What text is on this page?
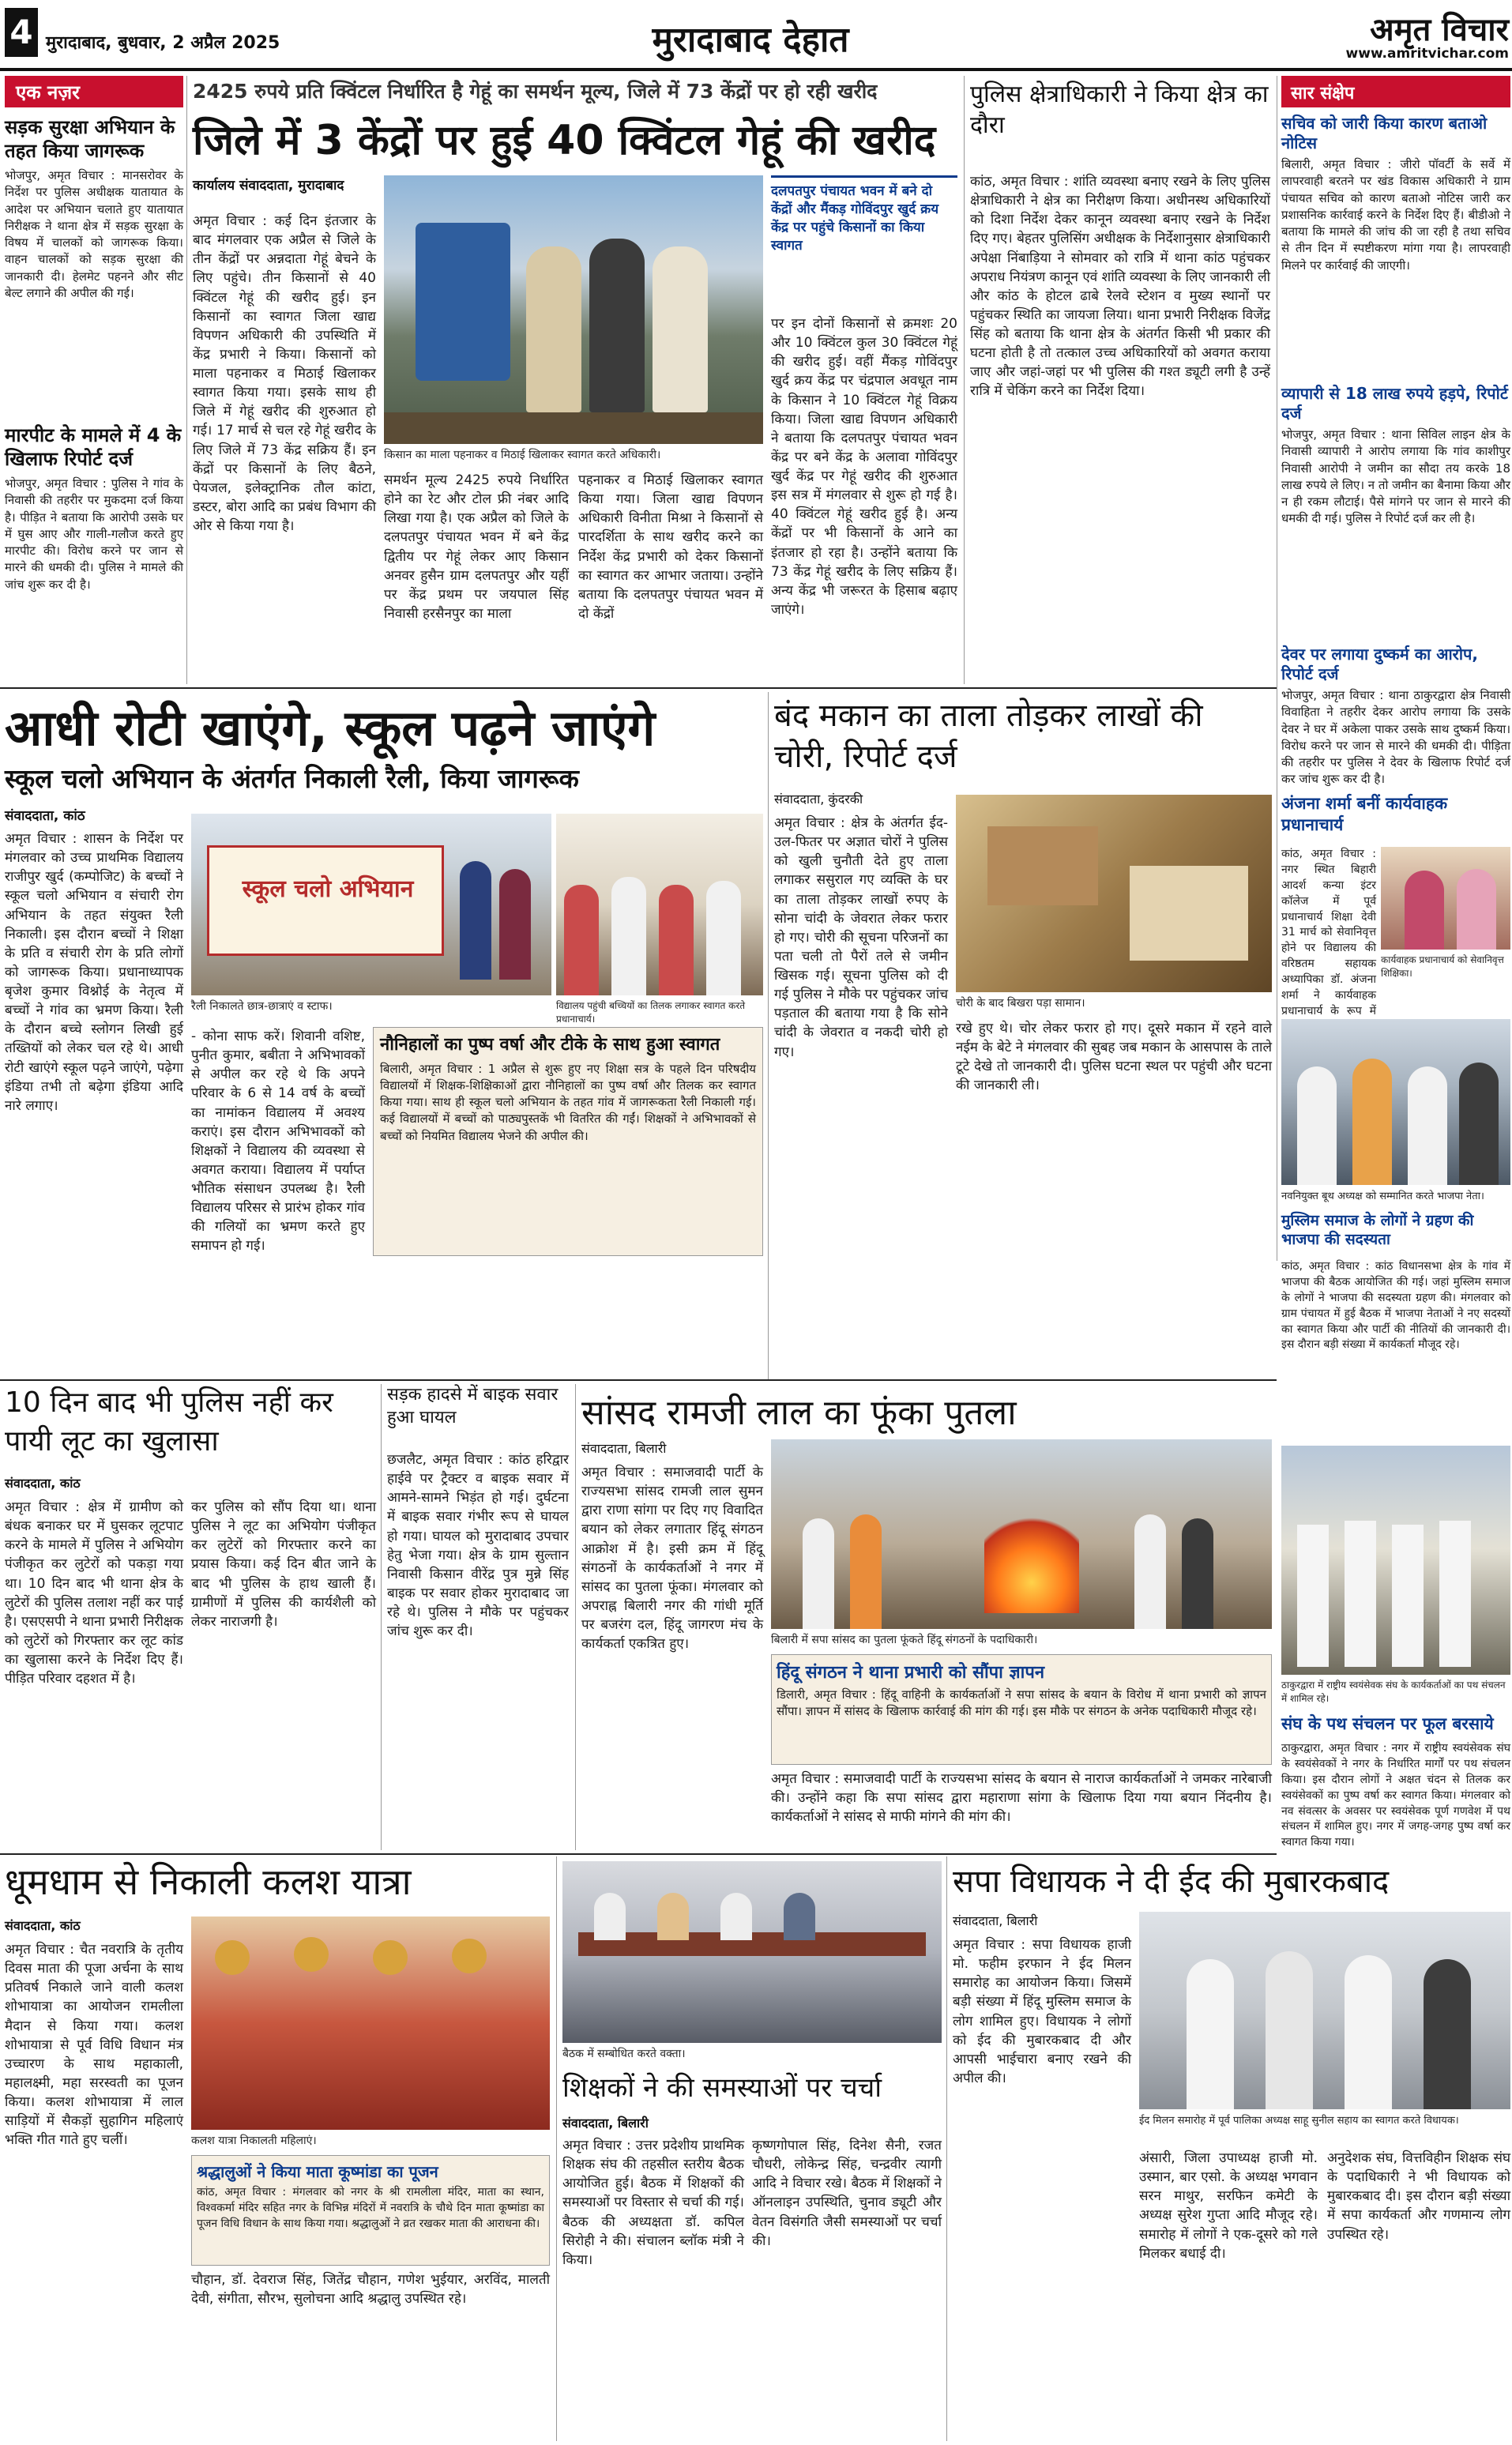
4 मुरादाबाद, बुधवार, 2 अप्रैल 2025	मुरादाबाद देहात	अमृत विचार
www.amritvichar.com
एक नज़र
सड़क सुरक्षा अभियान के तहत किया जागरूक
भोजपुर, अमृत विचार : मानसरोवर के निर्देश पर पुलिस अधीक्षक यातायात के आदेश पर अभियान चलाते हुए यातायात निरीक्षक ने थाना क्षेत्र में सड़क सुरक्षा के विषय में चालकों को जागरूक किया। वाहन चालकों को सड़क सुरक्षा की जानकारी दी। हेलमेट पहनने और सीट बेल्ट लगाने की अपील की गई।
मारपीट के मामले में 4 के खिलाफ रिपोर्ट दर्ज
भोजपुर, अमृत विचार : पुलिस ने गांव के निवासी की तहरीर पर मुकदमा दर्ज किया है। पीड़ित ने बताया कि आरोपी उसके घर में घुस आए और गाली-गलौज करते हुए मारपीट की। विरोध करने पर जान से मारने की धमकी दी। पुलिस ने मामले की जांच शुरू कर दी है।
2425 रुपये प्रति क्विंटल निर्धारित है गेहूं का समर्थन मूल्य, जिले में 73 केंद्रों पर हो रही खरीद
जिले में 3 केंद्रों पर हुई 40 क्विंटल गेहूं की खरीद
कार्यालय संवाददाता, मुरादाबाद
अमृत विचार : कई दिन इंतजार के बाद मंगलवार एक अप्रैल से जिले के तीन केंद्रों पर अन्नदाता गेहूं बेचने के लिए पहुंचे। तीन किसानों से 40 क्विंटल गेहूं की खरीद हुई। इन किसानों का स्वागत जिला खाद्य विपणन अधिकारी की उपस्थिति में केंद्र प्रभारी ने किया। किसानों को माला पहनाकर व मिठाई खिलाकर स्वागत किया गया। इसके साथ ही जिले में गेहूं खरीद की शुरुआत हो गई। 17 मार्च से चल रहे गेहूं खरीद के लिए जिले में 73 केंद्र सक्रिय हैं। इन केंद्रों पर किसानों के लिए बैठने, पेयजल, इलेक्ट्रानिक तौल कांटा, डस्टर, बोरा आदि का प्रबंध विभाग की ओर से किया गया है।
किसान का माला पहनाकर व मिठाई खिलाकर स्वागत करते अधिकारी।
समर्थन मूल्य 2425 रुपये निर्धारित होने का रेट और टोल फ्री नंबर आदि लिखा गया है। एक अप्रैल को जिले के दलपतपुर पंचायत भवन में बने केंद्र द्वितीय पर गेहूं लेकर आए किसान अनवर हुसैन ग्राम दलपतपुर और यहीं पर केंद्र प्रथम पर जयपाल सिंह निवासी हरसैनपुर का माला
पहनाकर व मिठाई खिलाकर स्वागत किया गया। जिला खाद्य विपणन अधिकारी विनीता मिश्रा ने किसानों से पारदर्शिता के साथ खरीद करने का निर्देश केंद्र प्रभारी को देकर किसानों का स्वागत कर आभार जताया। उन्होंने बताया कि दलपतपुर पंचायत भवन में दो केंद्रों
दलपतपुर पंचायत भवन में बने दो केंद्रों और मैंकड़ गोविंदपुर खुर्द क्रय केंद्र पर पहुंचे किसानों का किया स्वागत
पर इन दोनों किसानों से क्रमशः 20 और 10 क्विंटल कुल 30 क्विंटल गेहूं की खरीद हुई। वहीं मैंकड़ गोविंदपुर खुर्द क्रय केंद्र पर चंद्रपाल अवधूत नाम के किसान ने 10 क्विंटल गेहूं विक्रय किया। जिला खाद्य विपणन अधिकारी ने बताया कि दलपतपुर पंचायत भवन केंद्र पर बने केंद्र के अलावा गोविंदपुर खुर्द केंद्र पर गेहूं खरीद की शुरुआत इस सत्र में मंगलवार से शुरू हो गई है। 40 क्विंटल गेहूं खरीद हुई है। अन्य केंद्रों पर भी किसानों के आने का इंतजार हो रहा है। उन्होंने बताया कि 73 केंद्र गेहूं खरीद के लिए सक्रिय हैं। अन्य केंद्र भी जरूरत के हिसाब बढ़ाए जाएंगे।
पुलिस क्षेत्राधिकारी ने किया क्षेत्र का दौरा
कांठ, अमृत विचार : शांति व्यवस्था बनाए रखने के लिए पुलिस क्षेत्राधिकारी ने क्षेत्र का निरीक्षण किया। अधीनस्थ अधिकारियों को दिशा निर्देश देकर कानून व्यवस्था बनाए रखने के निर्देश दिए गए। बेहतर पुलिसिंग अधीक्षक के निर्देशानुसार क्षेत्राधिकारी अपेक्षा निंबाड़िया ने सोमवार को रात्रि में थाना कांठ पहुंचकर अपराध नियंत्रण कानून एवं शांति व्यवस्था के लिए जानकारी ली और कांठ के होटल ढाबे रेलवे स्टेशन व मुख्य स्थानों पर पहुंचकर स्थिति का जायजा लिया। थाना प्रभारी निरीक्षक विजेंद्र सिंह को बताया कि थाना क्षेत्र के अंतर्गत किसी भी प्रकार की घटना होती है तो तत्काल उच्च अधिकारियों को अवगत कराया जाए और जहां-जहां पर भी पुलिस की गश्त ड्यूटी लगी है उन्हें रात्रि में चेकिंग करने का निर्देश दिया।
सार संक्षेप
सचिव को जारी किया कारण बताओ नोटिस
बिलारी, अमृत विचार : जीरो पॉवर्टी के सर्वे में लापरवाही बरतने पर खंड विकास अधिकारी ने ग्राम पंचायत सचिव को कारण बताओ नोटिस जारी कर प्रशासनिक कार्रवाई करने के निर्देश दिए हैं। बीडीओ ने बताया कि मामले की जांच की जा रही है तथा सचिव से तीन दिन में स्पष्टीकरण मांगा गया है। लापरवाही मिलने पर कार्रवाई की जाएगी।
व्यापारी से 18 लाख रुपये हड़पे, रिपोर्ट दर्ज
भोजपुर, अमृत विचार : थाना सिविल लाइन क्षेत्र के निवासी व्यापारी ने आरोप लगाया कि गांव काशीपुर निवासी आरोपी ने जमीन का सौदा तय करके 18 लाख रुपये ले लिए। न तो जमीन का बैनामा किया और न ही रकम लौटाई। पैसे मांगने पर जान से मारने की धमकी दी गई। पुलिस ने रिपोर्ट दर्ज कर ली है।
देवर पर लगाया दुष्कर्म का आरोप, रिपोर्ट दर्ज
भोजपुर, अमृत विचार : थाना ठाकुरद्वारा क्षेत्र निवासी विवाहिता ने तहरीर देकर आरोप लगाया कि उसके देवर ने घर में अकेला पाकर उसके साथ दुष्कर्म किया। विरोध करने पर जान से मारने की धमकी दी। पीड़िता की तहरीर पर पुलिस ने देवर के खिलाफ रिपोर्ट दर्ज कर जांच शुरू कर दी है।
अंजना शर्मा बनीं कार्यवाहक प्रधानाचार्य
कांठ, अमृत विचार : नगर स्थित बिहारी आदर्श कन्या इंटर कॉलेज में पूर्व प्रधानाचार्य शिक्षा देवी 31 मार्च को सेवानिवृत्त होने पर विद्यालय की वरिष्ठतम सहायक अध्यापिका डॉ. अंजना शर्मा ने कार्यवाहक प्रधानाचार्य के रूप में
कार्यवाहक प्रधानाचार्य को सेवानिवृत्त शिक्षिका।
आधी रोटी खाएंगे, स्कूल पढ़ने जाएंगे
स्कूल चलो अभियान के अंतर्गत निकाली रैली, किया जागरूक
संवाददाता, कांठ
अमृत विचार : शासन के निर्देश पर मंगलवार को उच्च प्राथमिक विद्यालय राजीपुर खुर्द (कम्पोजिट) के बच्चों ने स्कूल चलो अभियान व संचारी रोग अभियान के तहत संयुक्त रैली निकाली। इस दौरान बच्चों ने शिक्षा के प्रति व संचारी रोग के प्रति लोगों को जागरूक किया। प्रधानाध्यापक बृजेश कुमार विश्नोई के नेतृत्व में बच्चों ने गांव का भ्रमण किया। रैली के दौरान बच्चे स्लोगन लिखी हुई तख्तियों को लेकर चल रहे थे। आधी रोटी खाएंगे स्कूल पढ़ने जाएंगे, पढ़ेगा इंडिया तभी तो बढ़ेगा इंडिया आदि नारे लगाए।
स्कूल चलो अभियान
रैली निकालते छात्र-छात्राएं व स्टाफ।	विद्यालय पहुंची बच्चियों का तिलक लगाकर स्वागत करते प्रधानाचार्य।
- कोना साफ करें। शिवानी वशिष्ट, पुनीत कुमार, बबीता ने अभिभावकों से अपील कर रहे थे कि अपने परिवार के 6 से 14 वर्ष के बच्चों का नामांकन विद्यालय में अवश्य कराएं। इस दौरान अभिभावकों को शिक्षकों ने विद्यालय की व्यवस्था से अवगत कराया। विद्यालय में पर्याप्त भौतिक संसाधन उपलब्ध है। रैली विद्यालय परिसर से प्रारंभ होकर गांव की गलियों का भ्रमण करते हुए समापन हो गई।
नौनिहालों का पुष्प वर्षा और टीके के साथ हुआ स्वागत
बिलारी, अमृत विचार : 1 अप्रैल से शुरू हुए नए शिक्षा सत्र के पहले दिन परिषदीय विद्यालयों में शिक्षक-शिक्षिकाओं द्वारा नौनिहालों का पुष्प वर्षा और तिलक कर स्वागत किया गया। साथ ही स्कूल चलो अभियान के तहत गांव में जागरूकता रैली निकाली गई। कई विद्यालयों में बच्चों को पाठ्यपुस्तकें भी वितरित की गईं। शिक्षकों ने अभिभावकों से बच्चों को नियमित विद्यालय भेजने की अपील की।
बंद मकान का ताला तोड़कर लाखों की चोरी, रिपोर्ट दर्ज
संवाददाता, कुंदरकी
अमृत विचार : क्षेत्र के अंतर्गत ईद-उल-फितर पर अज्ञात चोरों ने पुलिस को खुली चुनौती देते हुए ताला लगाकर ससुराल गए व्यक्ति के घर का ताला तोड़कर लाखों रुपए के सोना चांदी के जेवरात लेकर फरार हो गए। चोरी की सूचना परिजनों का पता चली तो पैरों तले से जमीन खिसक गई। सूचना पुलिस को दी गई पुलिस ने मौके पर पहुंचकर जांच पड़ताल की बताया गया है कि सोने चांदी के जेवरात व नकदी चोरी हो गए।
चोरी के बाद बिखरा पड़ा सामान।
रखे हुए थे। चोर लेकर फरार हो गए। दूसरे मकान में रहने वाले नईम के बेटे ने मंगलवार की सुबह जब मकान के आसपास के ताले टूटे देखे तो जानकारी दी। पुलिस घटना स्थल पर पहुंची और घटना की जानकारी ली।
नवनियुक्त बूथ अध्यक्ष को सम्मानित करते भाजपा नेता।
मुस्लिम समाज के लोगों ने ग्रहण की भाजपा की सदस्यता
कांठ, अमृत विचार : कांठ विधानसभा क्षेत्र के गांव में भाजपा की बैठक आयोजित की गई। जहां मुस्लिम समाज के लोगों ने भाजपा की सदस्यता ग्रहण की। मंगलवार को ग्राम पंचायत में हुई बैठक में भाजपा नेताओं ने नए सदस्यों का स्वागत किया और पार्टी की नीतियों की जानकारी दी। इस दौरान बड़ी संख्या में कार्यकर्ता मौजूद रहे।
ठाकुरद्वारा में राष्ट्रीय स्वयंसेवक संघ के कार्यकर्ताओं का पथ संचलन में शामिल रहे।
संघ के पथ संचलन पर फूल बरसाये
ठाकुरद्वारा, अमृत विचार : नगर में राष्ट्रीय स्वयंसेवक संघ के स्वयंसेवकों ने नगर के निर्धारित मार्गों पर पथ संचलन किया। इस दौरान लोगों ने अक्षत चंदन से तिलक कर स्वयंसेवकों का पुष्प वर्षा कर स्वागत किया। मंगलवार को नव संवत्सर के अवसर पर स्वयंसेवक पूर्ण गणवेश में पथ संचलन में शामिल हुए। नगर में जगह-जगह पुष्प वर्षा कर स्वागत किया गया।
10 दिन बाद भी पुलिस नहीं कर पायी लूट का खुलासा
संवाददाता, कांठ
अमृत विचार : क्षेत्र में ग्रामीण को बंधक बनाकर घर में घुसकर लूटपाट करने के मामले में पुलिस ने अभियोग पंजीकृत कर लुटेरों को पकड़ा गया था। 10 दिन बाद भी थाना क्षेत्र के लुटेरों की पुलिस तलाश नहीं कर पाई है। एसएसपी ने थाना प्रभारी निरीक्षक को लुटेरों को गिरफ्तार कर लूट कांड का खुलासा करने के निर्देश दिए हैं। पीड़ित परिवार दहशत में है।
कर पुलिस को सौंप दिया था। थाना पुलिस ने लूट का अभियोग पंजीकृत कर लुटेरों को गिरफ्तार करने का प्रयास किया। कई दिन बीत जाने के बाद भी पुलिस के हाथ खाली हैं। ग्रामीणों में पुलिस की कार्यशैली को लेकर नाराजगी है।
सड़क हादसे में बाइक सवार हुआ घायल
छजलैट, अमृत विचार : कांठ हरिद्वार हाईवे पर ट्रैक्टर व बाइक सवार में आमने-सामने भिड़ंत हो गई। दुर्घटना में बाइक सवार गंभीर रूप से घायल हो गया। घायल को मुरादाबाद उपचार हेतु भेजा गया। क्षेत्र के ग्राम सुल्तान निवासी किसान वीरेंद्र पुत्र मुन्ने सिंह बाइक पर सवार होकर मुरादाबाद जा रहे थे। पुलिस ने मौके पर पहुंचकर जांच शुरू कर दी।
सांसद रामजी लाल का फूंका पुतला
संवाददाता, बिलारी
अमृत विचार : समाजवादी पार्टी के राज्यसभा सांसद रामजी लाल सुमन द्वारा राणा सांगा पर दिए गए विवादित बयान को लेकर लगातार हिंदू संगठन आक्रोश में है। इसी क्रम में हिंदू संगठनों के कार्यकर्ताओं ने नगर में सांसद का पुतला फूंका। मंगलवार को अपराह्न बिलारी नगर की गांधी मूर्ति पर बजरंग दल, हिंदू जागरण मंच के कार्यकर्ता एकत्रित हुए।	बिलारी में सपा सांसद का पुतला फूंकते हिंदू संगठनों के पदाधिकारी।
हिंदू संगठन ने थाना प्रभारी को सौंपा ज्ञापन
डिलारी, अमृत विचार : हिंदू वाहिनी के कार्यकर्ताओं ने सपा सांसद के बयान के विरोध में थाना प्रभारी को ज्ञापन सौंपा। ज्ञापन में सांसद के खिलाफ कार्रवाई की मांग की गई। इस मौके पर संगठन के अनेक पदाधिकारी मौजूद रहे।
अमृत विचार : समाजवादी पार्टी के राज्यसभा सांसद के बयान से नाराज कार्यकर्ताओं ने जमकर नारेबाजी की। उन्होंने कहा कि सपा सांसद द्वारा महाराणा सांगा के खिलाफ दिया गया बयान निंदनीय है। कार्यकर्ताओं ने सांसद से माफी मांगने की मांग की।
धूमधाम से निकाली कलश यात्रा
संवाददाता, कांठ
अमृत विचार : चैत नवरात्रि के तृतीय दिवस माता की पूजा अर्चना के साथ प्रतिवर्ष निकाले जाने वाली कलश शोभायात्रा का आयोजन रामलीला मैदान से किया गया। कलश शोभायात्रा से पूर्व विधि विधान मंत्र उच्चारण के साथ महाकाली, महालक्ष्मी, महा सरस्वती का पूजन किया। कलश शोभायात्रा में लाल साड़ियों में सैकड़ों सुहागिन महिलाएं भक्ति गीत गाते हुए चलीं।	कलश यात्रा निकालती महिलाएं।
श्रद्धालुओं ने किया माता कूष्मांडा का पूजन
कांठ, अमृत विचार : मंगलवार को नगर के श्री रामलीला मंदिर, माता का स्थान, विश्वकर्मा मंदिर सहित नगर के विभिन्न मंदिरों में नवरात्रि के चौथे दिन माता कूष्मांडा का पूजन विधि विधान के साथ किया गया। श्रद्धालुओं ने व्रत रखकर माता की आराधना की।
चौहान, डॉ. देवराज सिंह, जितेंद्र चौहान, गणेश भुईयार, अरविंद, मालती देवी, संगीता, सौरभ, सुलोचना आदि श्रद्धालु उपस्थित रहे।
बैठक में सम्बोधित करते वक्ता।
शिक्षकों ने की समस्याओं पर चर्चा
संवाददाता, बिलारी
अमृत विचार : उत्तर प्रदेशीय प्राथमिक शिक्षक संघ की तहसील स्तरीय बैठक आयोजित हुई। बैठक में शिक्षकों की समस्याओं पर विस्तार से चर्चा की गई। बैठक की अध्यक्षता डॉ. कपिल सिरोही ने की। संचालन ब्लॉक मंत्री ने किया।
कृष्णगोपाल सिंह, दिनेश सैनी, रजत चौधरी, लोकेन्द्र सिंह, चन्द्रवीर त्यागी आदि ने विचार रखे। बैठक में शिक्षकों ने ऑनलाइन उपस्थिति, चुनाव ड्यूटी और वेतन विसंगति जैसी समस्याओं पर चर्चा की।
सपा विधायक ने दी ईद की मुबारकबाद
संवाददाता, बिलारी
अमृत विचार : सपा विधायक हाजी मो. फहीम इरफान ने ईद मिलन समारोह का आयोजन किया। जिसमें बड़ी संख्या में हिंदू मुस्लिम समाज के लोग शामिल हुए। विधायक ने लोगों को ईद की मुबारकबाद दी और आपसी भाईचारा बनाए रखने की अपील की।
ईद मिलन समारोह में पूर्व पालिका अध्यक्ष साहू सुनील सहाय का स्वागत करते विधायक।
अंसारी, जिला उपाध्यक्ष हाजी मो. उस्मान, बार एसो. के अध्यक्ष भगवान सरन माथुर, सरफिन कमेटी के अध्यक्ष सुरेश गुप्ता आदि मौजूद रहे। समारोह में लोगों ने एक-दूसरे को गले मिलकर बधाई दी।
अनुदेशक संघ, वित्तविहीन शिक्षक संघ के पदाधिकारी ने भी विधायक को मुबारकबाद दी। इस दौरान बड़ी संख्या में सपा कार्यकर्ता और गणमान्य लोग उपस्थित रहे।
